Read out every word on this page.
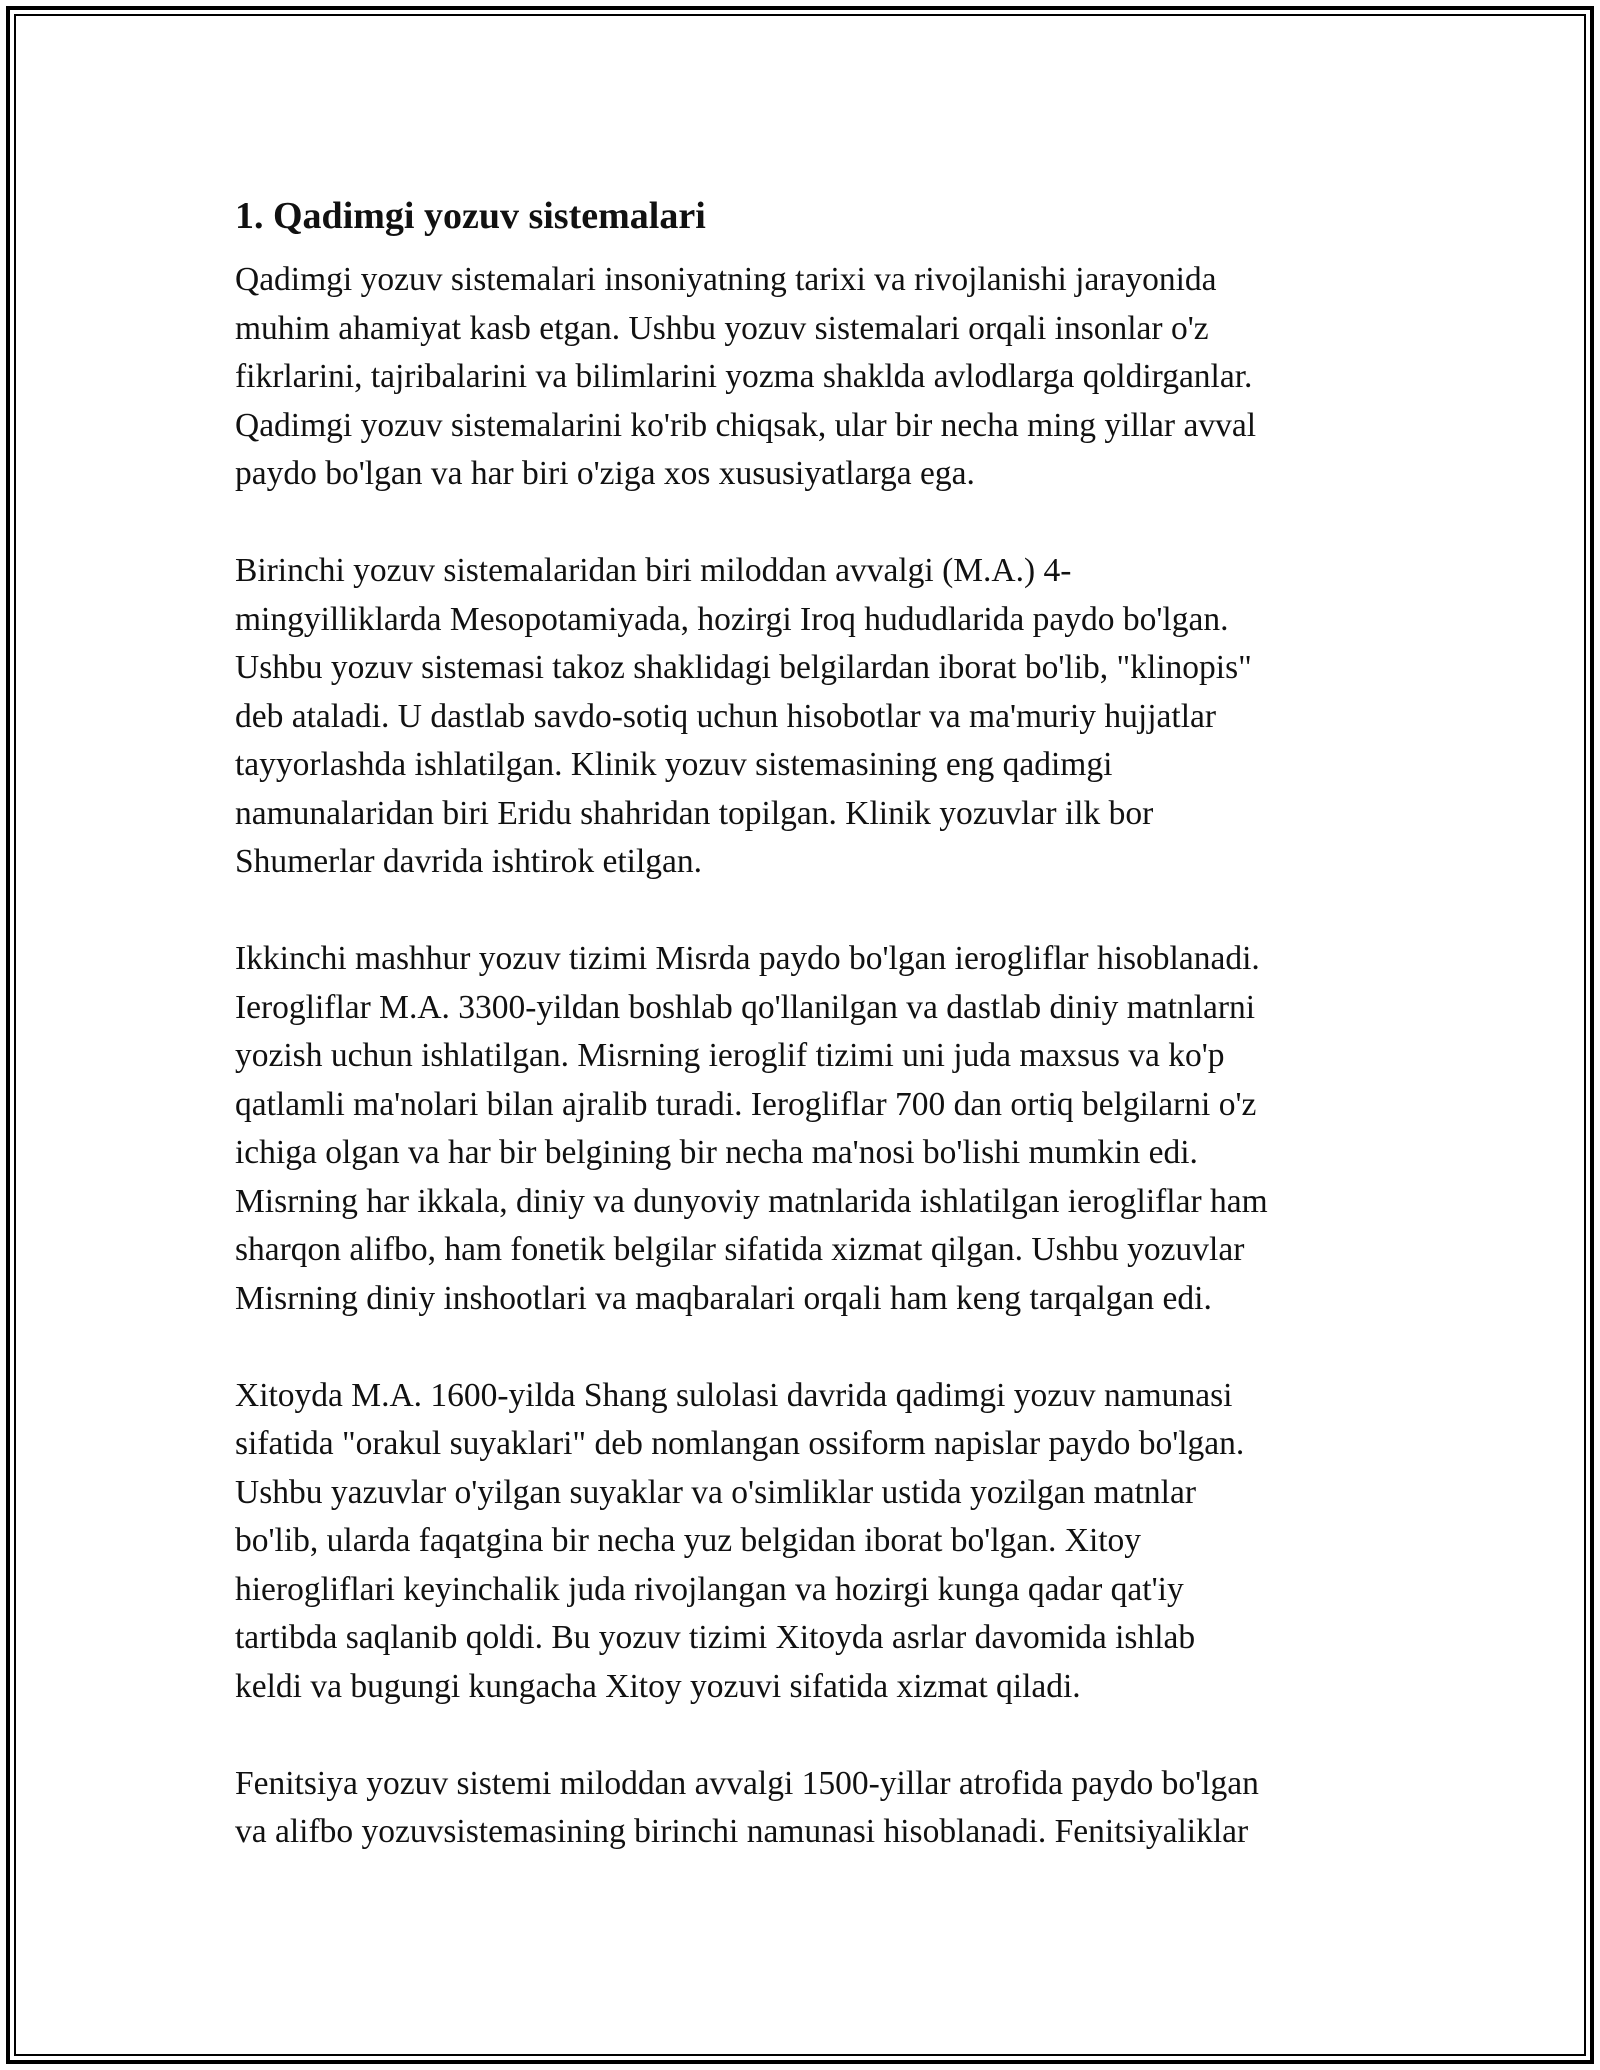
1. Qadimgi yozuv sistemalari

Qadimgi yozuv sistemalari insoniyatning tarixi va rivojlanishi jarayonida
muhim ahamiyat kasb etgan. Ushbu yozuv sistemalari orqali insonlar o'z
fikrlarini, tajribalarini va bilimlarini yozma shaklda avlodlarga qoldirganlar.
Qadimgi yozuv sistemalarini ko'rib chiqsak, ular bir necha ming yillar avval
paydo bo'lgan va har biri o'ziga xos xususiyatlarga ega.

Birinchi yozuv sistemalaridan biri miloddan avvalgi (M.A.) 4-
mingyilliklarda Mesopotamiyada, hozirgi Iroq hududlarida paydo bo'lgan.
Ushbu yozuv sistemasi takoz shaklidagi belgilardan iborat bo'lib, "klinopis"
deb ataladi. U dastlab savdo-sotiq uchun hisobotlar va ma'muriy hujjatlar
tayyorlashda ishlatilgan. Klinik yozuv sistemasining eng qadimgi
namunalaridan biri Eridu shahridan topilgan. Klinik yozuvlar ilk bor
Shumerlar davrida ishtirok etilgan.

Ikkinchi mashhur yozuv tizimi Misrda paydo bo'lgan ierogliflar hisoblanadi.
Ierogliflar M.A. 3300-yildan boshlab qo'llanilgan va dastlab diniy matnlarni
yozish uchun ishlatilgan. Misrning ieroglif tizimi uni juda maxsus va ko'p
qatlamli ma'nolari bilan ajralib turadi. Ierogliflar 700 dan ortiq belgilarni o'z
ichiga olgan va har bir belgining bir necha ma'nosi bo'lishi mumkin edi.
Misrning har ikkala, diniy va dunyoviy matnlarida ishlatilgan ierogliflar ham
sharqon alifbo, ham fonetik belgilar sifatida xizmat qilgan. Ushbu yozuvlar
Misrning diniy inshootlari va maqbaralari orqali ham keng tarqalgan edi.

Xitoyda M.A. 1600-yilda Shang sulolasi davrida qadimgi yozuv namunasi
sifatida "orakul suyaklari" deb nomlangan ossiform napislar paydo bo'lgan.
Ushbu yazuvlar o'yilgan suyaklar va o'simliklar ustida yozilgan matnlar
bo'lib, ularda faqatgina bir necha yuz belgidan iborat bo'lgan. Xitoy
hierogliflari keyinchalik juda rivojlangan va hozirgi kunga qadar qat'iy
tartibda saqlanib qoldi. Bu yozuv tizimi Xitoyda asrlar davomida ishlab
keldi va bugungi kungacha Xitoy yozuvi sifatida xizmat qiladi.

Fenitsiya yozuv sistemi miloddan avvalgi 1500-yillar atrofida paydo bo'lgan
va alifbo yozuvsistemasining birinchi namunasi hisoblanadi. Fenitsiyaliklar
